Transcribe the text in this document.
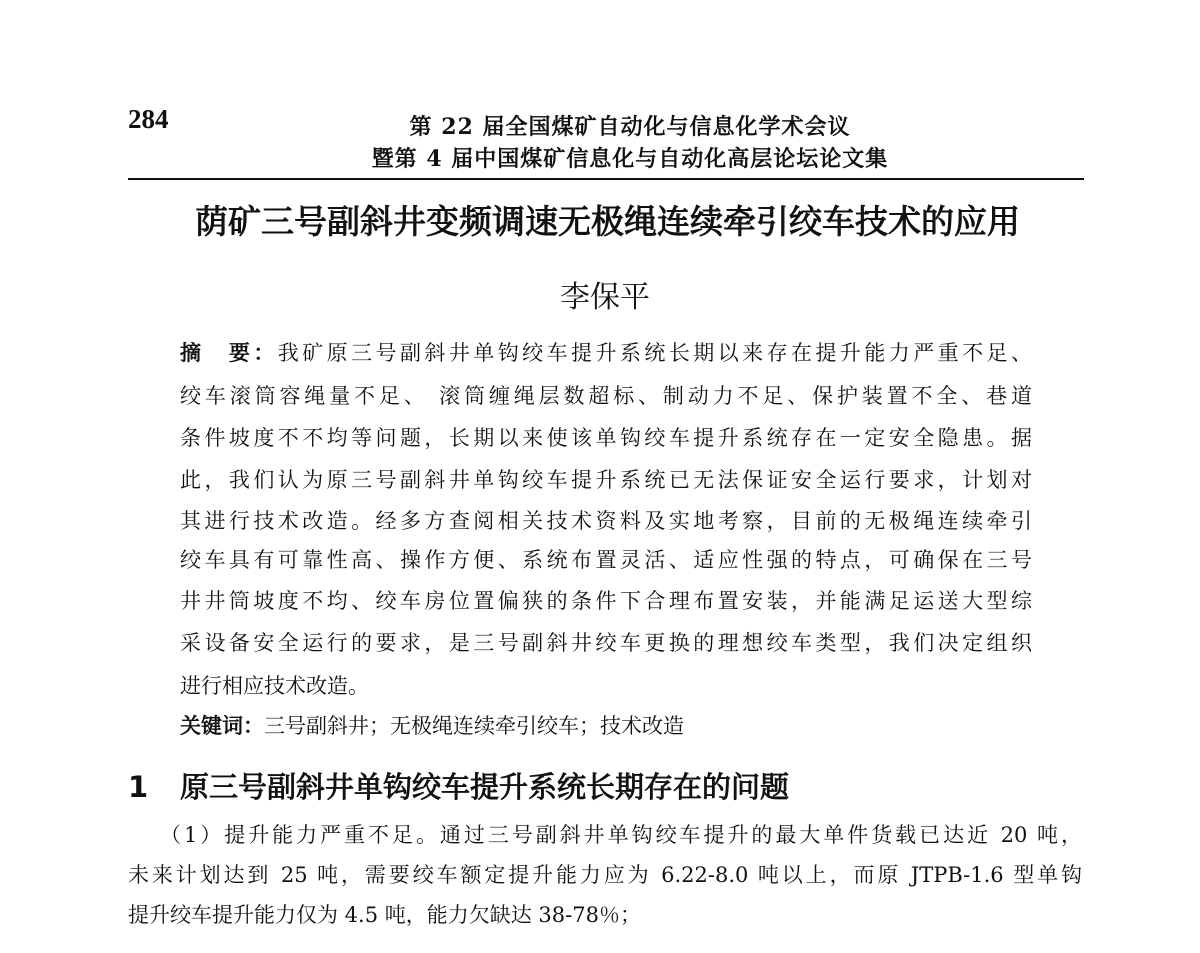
284	第 22 届全国煤矿自动化与信息化学术会议
暨第 4 届中国煤矿信息化与自动化高层论坛论文集
荫矿三号副斜井变频调速无极绳连续牵引绞车技术的应用
李保平
摘　要：我矿原三号副斜井单钩绞车提升系统长期以来存在提升能力严重不足、
绞车滚筒容绳量不足、 滚筒缠绳层数超标、制动力不足、保护装置不全、巷道
条件坡度不不均等问题，长期以来使该单钩绞车提升系统存在一定安全隐患。据
此，我们认为原三号副斜井单钩绞车提升系统已无法保证安全运行要求，计划对
其进行技术改造。经多方查阅相关技术资料及实地考察，目前的无极绳连续牵引
绞车具有可靠性高、操作方便、系统布置灵活、适应性强的特点，可确保在三号
井井筒坡度不均、绞车房位置偏狭的条件下合理布置安装，并能满足运送大型综
采设备安全运行的要求，是三号副斜井绞车更换的理想绞车类型，我们决定组织
进行相应技术改造。
关键词：三号副斜井；无极绳连续牵引绞车；技术改造
1 原三号副斜井单钩绞车提升系统长期存在的问题
（1）提升能力严重不足。通过三号副斜井单钩绞车提升的最大单件货载已达近 20 吨，
未来计划达到 25 吨，需要绞车额定提升能力应为 6.22-8.0 吨以上，而原 JTPB-1.6 型单钩
提升绞车提升能力仅为 4.5 吨，能力欠缺达 38-78％；
